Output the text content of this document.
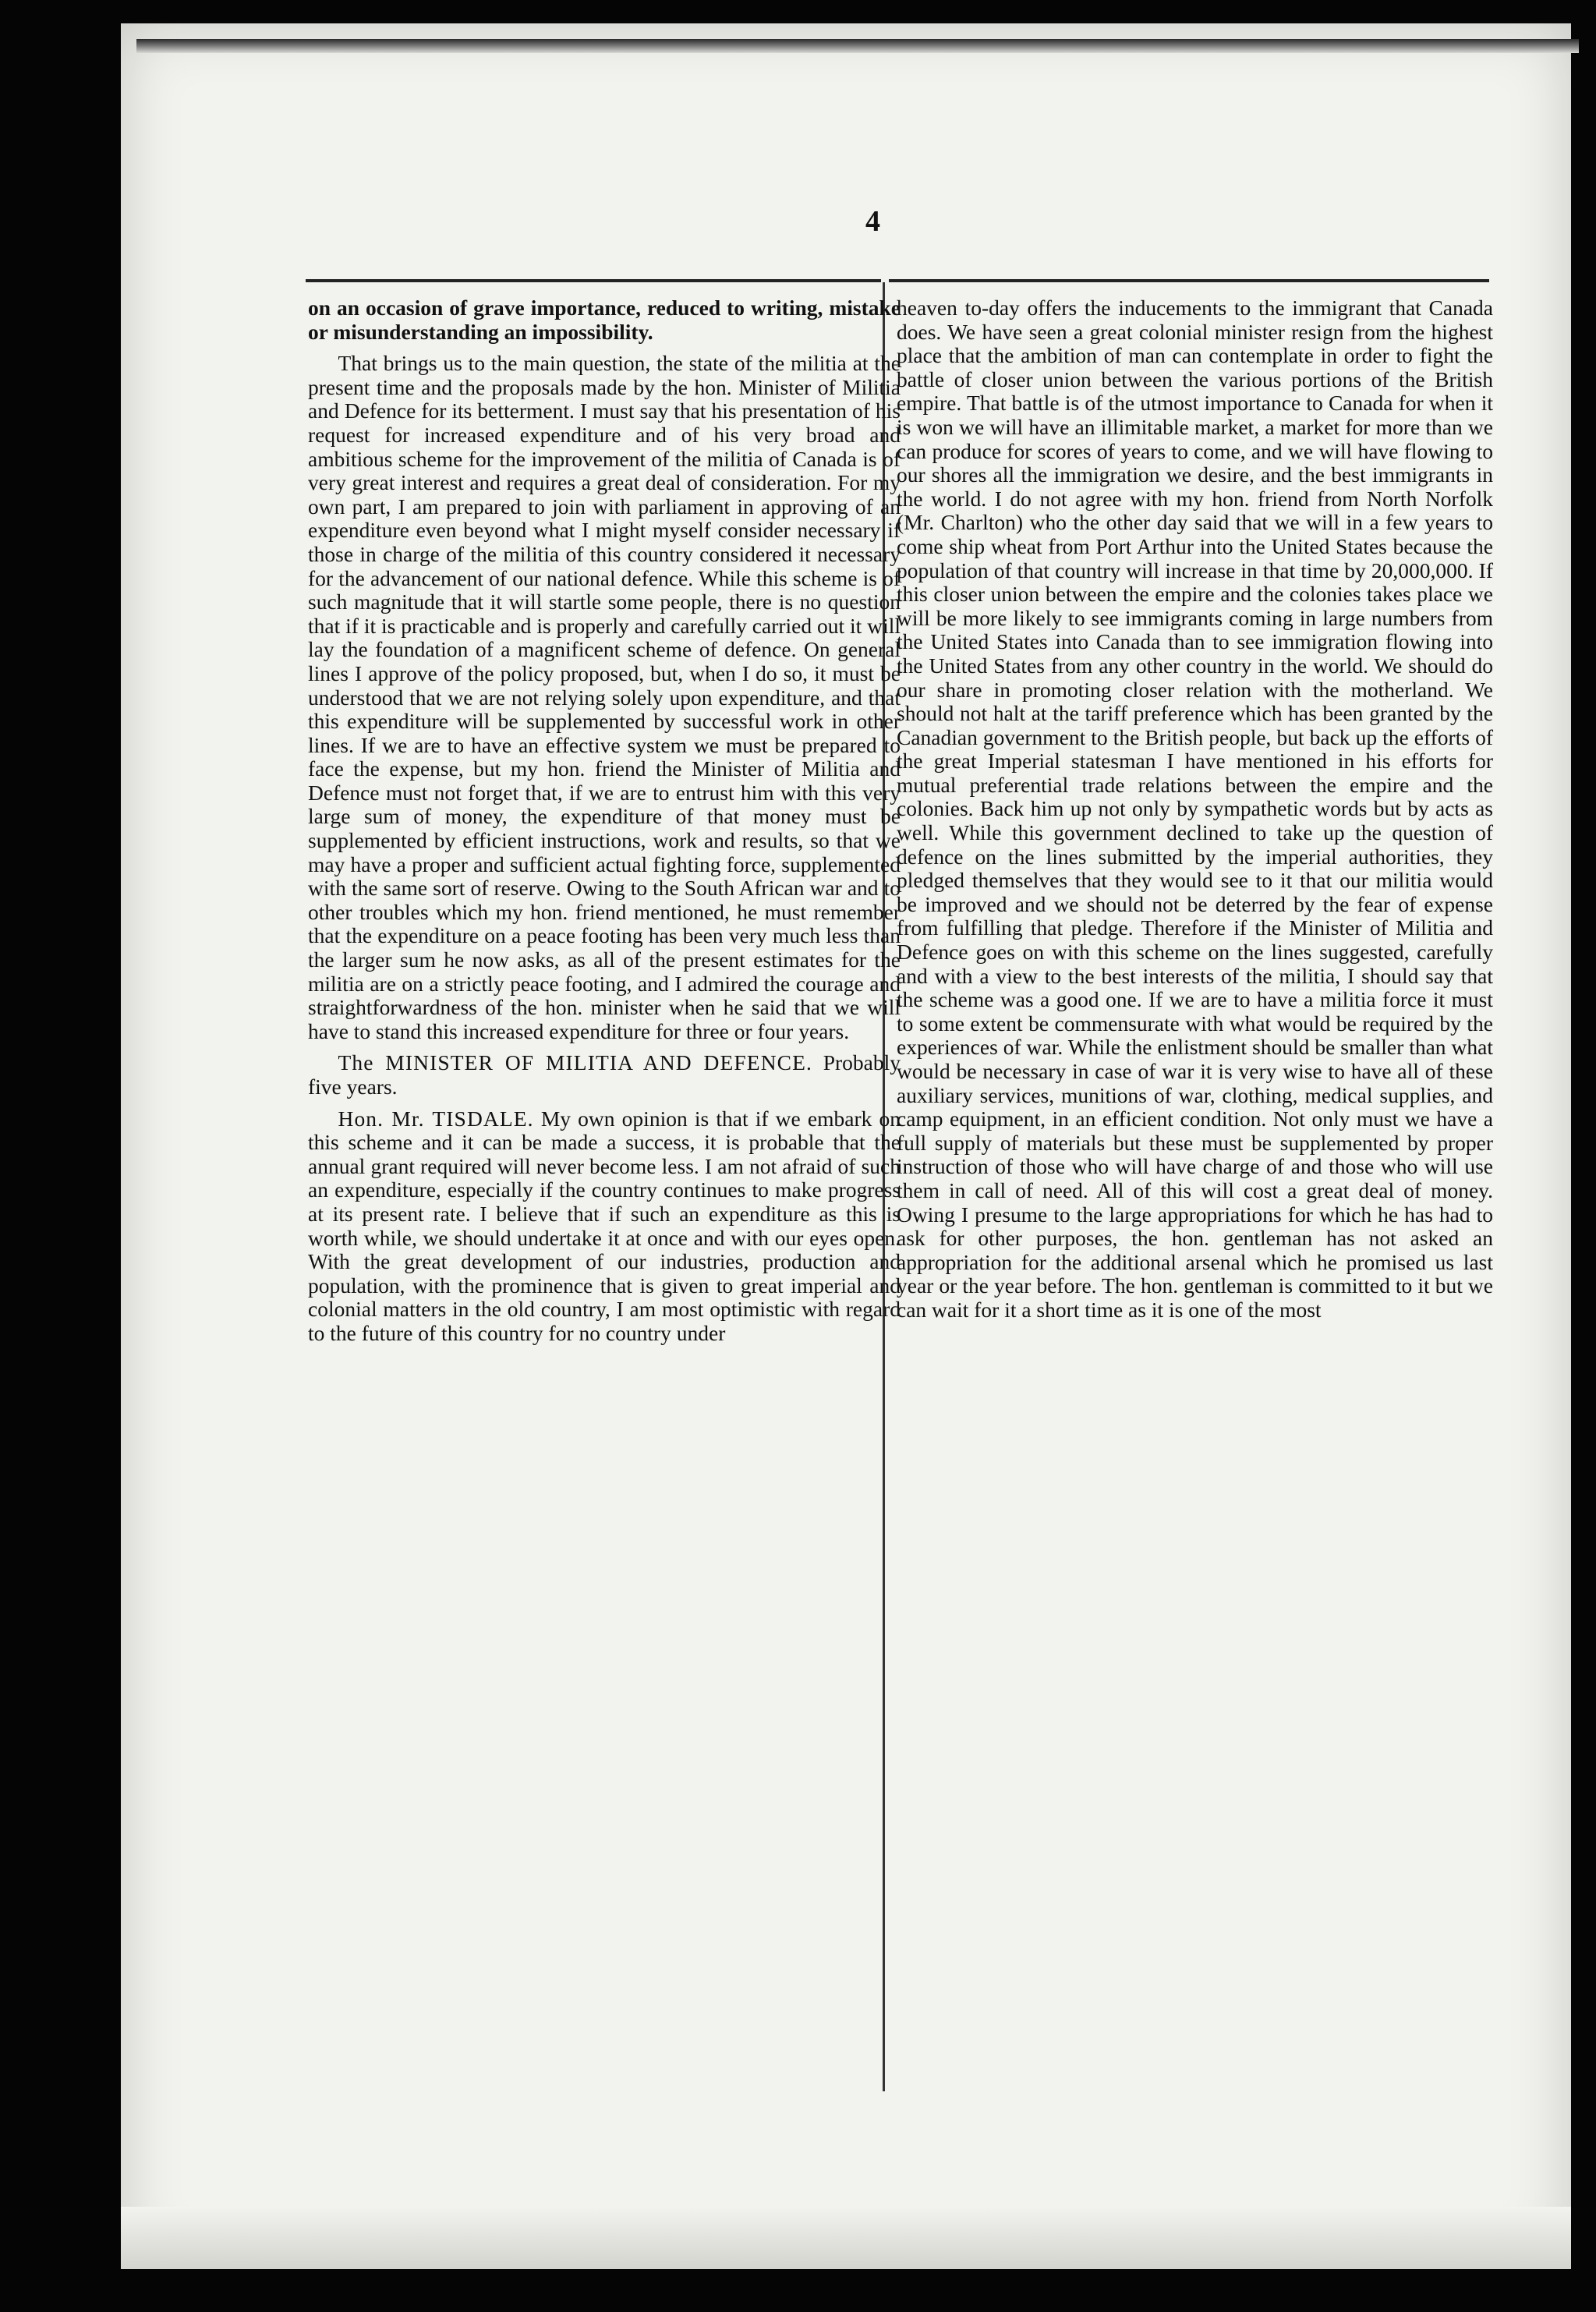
4

on an occasion of grave importance, reduced to writing, mistake or misunderstanding an impossibility.

That brings us to the main question, the state of the militia at the present time and the proposals made by the hon. Minister of Militia and Defence for its betterment. I must say that his presentation of his request for increased expenditure and of his very broad and ambitious scheme for the improvement of the militia of Canada is of very great interest and requires a great deal of consideration. For my own part, I am prepared to join with parliament in approving of an expenditure even beyond what I might myself consider necessary if those in charge of the militia of this country considered it necessary for the advancement of our national defence. While this scheme is of such magnitude that it will startle some people, there is no question that if it is practicable and is properly and carefully carried out it will lay the foundation of a magnificent scheme of defence. On general lines I approve of the policy proposed, but, when I do so, it must be understood that we are not relying solely upon expenditure, and that this expenditure will be supplemented by successful work in other lines. If we are to have an effective system we must be prepared to face the expense, but my hon. friend the Minister of Militia and Defence must not forget that, if we are to entrust him with this very large sum of money, the expenditure of that money must be supplemented by efficient instructions, work and results, so that we may have a proper and sufficient actual fighting force, supplemented with the same sort of reserve. Owing to the South African war and to other troubles which my hon. friend mentioned, he must remember that the expenditure on a peace footing has been very much less than the larger sum he now asks, as all of the present estimates for the militia are on a strictly peace footing, and I admired the courage and straightforwardness of the hon. minister when he said that we will have to stand this increased expenditure for three or four years.

The MINISTER OF MILITIA AND DEFENCE. Probably five years.

Hon. Mr. TISDALE. My own opinion is that if we embark on this scheme and it can be made a success, it is probable that the annual grant required will never become less. I am not afraid of such an expenditure, especially if the country continues to make progress at its present rate. I believe that if such an expenditure as this is worth while, we should undertake it at once and with our eyes open. With the great development of our industries, production and population, with the prominence that is given to great imperial and colonial matters in the old country, I am most optimistic with regard to the future of this country for no country under

heaven to-day offers the inducements to the immigrant that Canada does. We have seen a great colonial minister resign from the highest place that the ambition of man can contemplate in order to fight the battle of closer union between the various portions of the British empire. That battle is of the utmost importance to Canada for when it is won we will have an illimitable market, a market for more than we can produce for scores of years to come, and we will have flowing to our shores all the immigration we desire, and the best immigrants in the world. I do not agree with my hon. friend from North Norfolk (Mr. Charlton) who the other day said that we will in a few years to come ship wheat from Port Arthur into the United States because the population of that country will increase in that time by 20,000,000. If this closer union between the empire and the colonies takes place we will be more likely to see immigrants coming in large numbers from the United States into Canada than to see immigration flowing into the United States from any other country in the world. We should do our share in promoting closer relation with the motherland. We should not halt at the tariff preference which has been granted by the Canadian government to the British people, but back up the efforts of the great Imperial statesman I have mentioned in his efforts for mutual preferential trade relations between the empire and the colonies. Back him up not only by sympathetic words but by acts as well. While this government declined to take up the question of defence on the lines submitted by the imperial authorities, they pledged themselves that they would see to it that our militia would be improved and we should not be deterred by the fear of expense from fulfilling that pledge. Therefore if the Minister of Militia and Defence goes on with this scheme on the lines suggested, carefully and with a view to the best interests of the militia, I should say that the scheme was a good one. If we are to have a militia force it must to some extent be commensurate with what would be required by the experiences of war. While the enlistment should be smaller than what would be necessary in case of war it is very wise to have all of these auxiliary services, munitions of war, clothing, medical supplies, and camp equipment, in an efficient condition. Not only must we have a full supply of materials but these must be supplemented by proper instruction of those who will have charge of and those who will use them in call of need. All of this will cost a great deal of money. Owing I presume to the large appropriations for which he has had to ask for other purposes, the hon. gentleman has not asked an appropriation for the additional arsenal which he promised us last year or the year before. The hon. gentleman is committed to it but we can wait for it a short time as it is one of the most
